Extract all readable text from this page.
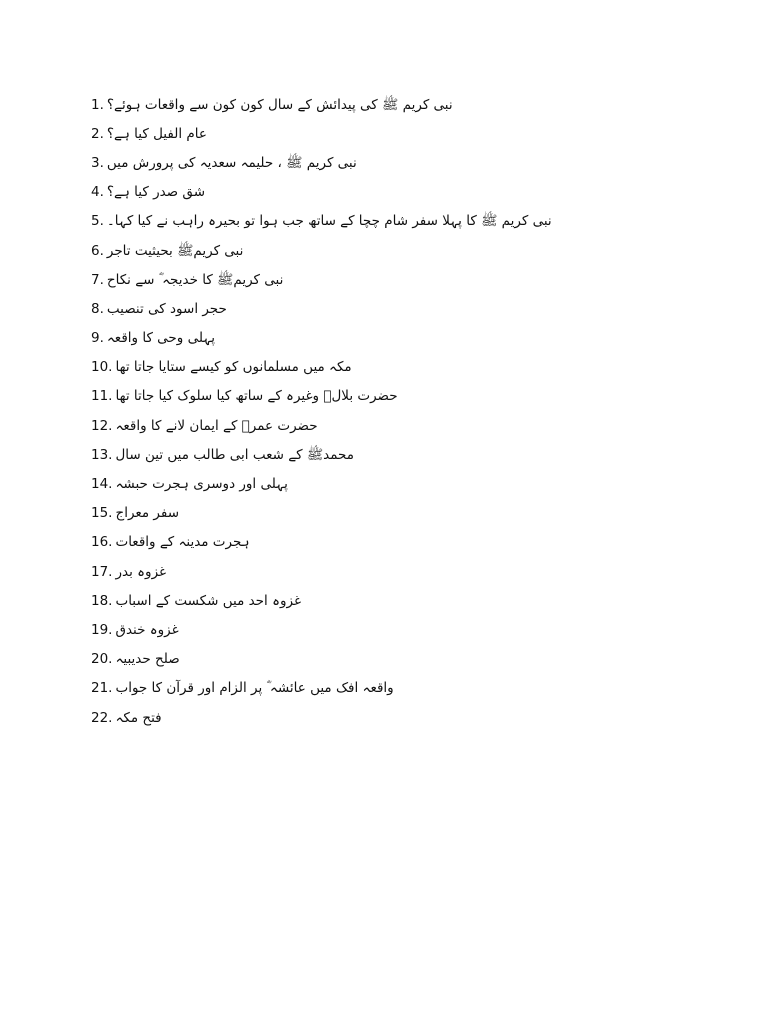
1. نبی کریم ﷺ کی پیدائش کے سال کون کون سے واقعات ہوئے؟
2. عام الفیل کیا ہے؟
3. نبی کریم ﷺ ، حلیمہ سعدیہ کی پرورش میں
4. شق صدر کیا ہے؟
5. نبی کریم ﷺ کا پہلا سفر شام چچا کے ساتھ جب ہوا تو بحیرہ راہب نے کیا کہا۔
6. نبی کریمﷺ بحیثیت تاجر
7. نبی کریمﷺ کا خدیجہ ؓ سے نکاح
8. حجر اسود کی تنصیب
9. پہلی وحی کا واقعہ
10. مکہ میں مسلمانوں کو کیسے ستایا جاتا تھا
11. حضرت بلالؓ وغیرہ کے ساتھ کیا سلوک کیا جاتا تھا
12. حضرت عمرؓ کے ایمان لانے کا واقعہ
13. محمدﷺ کے شعب ابی طالب میں تین سال
14. پہلی اور دوسری ہجرت حبشہ
15. سفر معراج
16. ہجرت مدینہ کے واقعات
17. غزوہ بدر
18. غزوہ احد میں شکست کے اسباب
19. غزوہ خندق
20. صلح حدیبیہ
21. واقعہ افک میں عائشہ ؓ پر الزام اور قرآن کا جواب
22. فتح مکہ
